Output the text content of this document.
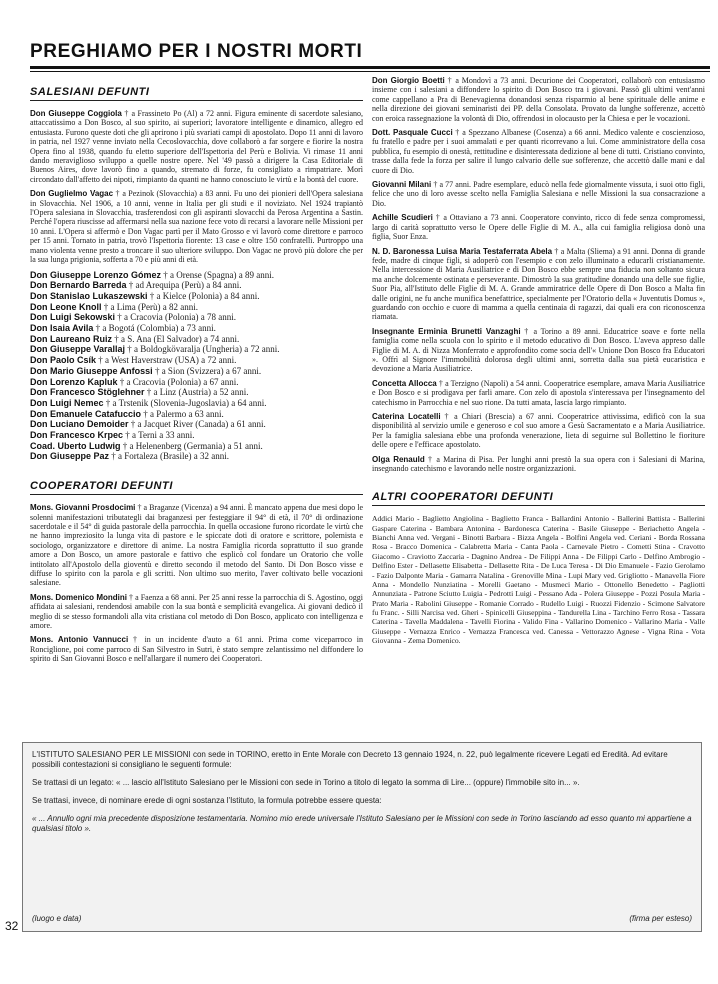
PREGHIAMO PER I NOSTRI MORTI
SALESIANI DEFUNTI

Don Giuseppe Coggiola † a Frassineto Po (Al) a 72 anni. Figura eminente di sacerdote salesiano, attaccatissimo a Don Bosco, al suo spirito, ai superiori; lavoratore intelligente e dinamico, allegro ed entusiasta. Furono queste doti che gli aprirono i più svariati campi di apostolato. Dopo 11 anni di lavoro in patria, nel 1927 venne inviato nella Cecoslovacchia, dove collaborò a far sorgere e fiorire la nostra Opera fino al 1938, quando fu eletto superiore dell'Ispettoria del Perù e Bolivia. Vi rimase 11 anni dando meraviglioso sviluppo a quelle nostre opere. Nel '49 passò a dirigere la Casa Editoriale di Buenos Aires, dove lavorò fino a quando, stremato di forze, fu consigliato a rimpatriare. Morì circondato dall'affetto dei nipoti, rimpianto da quanti ne hanno conosciuto le virtù e la bontà del cuore.

Don Guglielmo Vagac † a Pezinok (Slovacchia) a 83 anni. Fu uno dei pionieri dell'Opera salesiana in Slovacchia. Nel 1906, a 10 anni, venne in Italia per gli studi e il noviziato. Nel 1924 trapiantò l'Opera salesiana in Slovacchia, trasferendosi con gli aspiranti slovacchi da Perosa Argentina a Sastin. Perché l'opera riuscisse ad affermarsi nella sua nazione fece voto di recarsi a lavorare nelle Missioni per 10 anni. L'Opera si affermò e Don Vagac partì per il Mato Grosso e vi lavorò come direttore e parroco per 15 anni. Tornato in patria, trovò l'Ispettoria fiorente: 13 case e oltre 150 confratelli. Purtroppo una mano violenta venne presto a troncare il suo ulteriore sviluppo. Don Vagac ne provò più dolore che per la sua lunga prigionia, sofferta a 70 e più anni di età.

Don Giuseppe Lorenzo Gómez † a Orense (Spagna) a 89 anni.

Don Bernardo Barreda † ad Arequipa (Perù) a 84 anni.

Don Stanislao Lukaszewski † a Kielce (Polonia) a 84 anni.

Don Leone Knoll † a Lima (Perù) a 82 anni.

Don Luigi Sekowski † a Cracovia (Polonia) a 78 anni.

Don Isaia Avila † a Bogotá (Colombia) a 73 anni.

Don Laureano Ruiz † a S. Ana (El Salvador) a 74 anni.

Don Giuseppe Varallaj † a Boldogkövaralja (Ungheria) a 72 anni.

Don Paolo Csík † a West Haverstraw (USA) a 72 anni.

Don Mario Giuseppe Anfossi † a Sion (Svizzera) a 67 anni.

Don Lorenzo Kapluk † a Cracovia (Polonia) a 67 anni.

Don Francesco Stöglehner † a Linz (Austria) a 52 anni.

Don Luigi Nemec † a Trstenik (Slovenia-Jugoslavia) a 64 anni.

Don Emanuele Catafuccio † a Palermo a 63 anni.

Don Luciano Demoider † a Jacquet River (Canada) a 61 anni.

Don Francesco Krpec † a Terni a 33 anni.

Coad. Uberto Ludwig † a Helenenberg (Germania) a 51 anni.

Don Giuseppe Paz † a Fortaleza (Brasile) a 32 anni.

COOPERATORI DEFUNTI

Mons. Giovanni Prosdocimi † a Braganze (Vicenza) a 94 anni. È mancato appena due mesi dopo le solenni manifestazioni tributategli dai braganzesi per festeggiare il 94° di età, il 70° di ordinazione sacerdotale e il 54° di guida pastorale della parrocchia. In quella occasione furono ricordate le virtù che ne hanno impreziosito la lunga vita di pastore e le spiccate doti di oratore e scrittore, polemista e sociologo, organizzatore e direttore di anime. La nostra Famiglia ricorda soprattutto il suo grande amore a Don Bosco, un amore pastorale e fattivo che esplicò col fondare un Oratorio che volle intitolato all'Apostolo della gioventù e diretto secondo il metodo del Santo. Di Don Bosco visse e diffuse lo spirito con la parola e gli scritti. Non ultimo suo merito, l'aver coltivato belle vocazioni salesiane.

Mons. Domenico Mondini † a Faenza a 68 anni. Per 25 anni resse la parrocchia di S. Agostino, oggi affidata ai salesiani, rendendosi amabile con la sua bontà e semplicità evangelica. Ai giovani dedicò il meglio di se stesso formandoli alla vita cristiana col metodo di Don Bosco, applicato con intelligenza e amore.

Mons. Antonio Vannucci † in un incidente d'auto a 61 anni. Prima come viceparroco in Ronciglione, poi come parroco di San Silvestro in Sutri, è stato sempre zelantissimo nel diffondere lo spirito di San Giovanni Bosco e nell'allargare il numero dei Cooperatori.

Don Giorgio Boetti † a Mondovì a 73 anni. Decurione dei Cooperatori, collaborò con entusiasmo insieme con i salesiani a diffondere lo spirito di Don Bosco tra i giovani. Passò gli ultimi vent'anni come cappellano a Pra di Benevagienna donandosi senza risparmio al bene spirituale delle anime e nella direzione dei giovani seminaristi dei PP. della Consolata. Provato da lunghe sofferenze, accettò con eroica rassegnazione la volontà di Dio, offrendosi in olocausto per la Chiesa e per le vocazioni.

Dott. Pasquale Cucci † a Spezzano Albanese (Cosenza) a 66 anni. Medico valente e coscienzioso, fu fratello e padre per i suoi ammalati e per quanti ricorrevano a lui. Come amministratore della cosa pubblica, fu esempio di onestà, rettitudine e disinteressata dedizione al bene di tutti. Cristiano convinto, trasse dalla fede la forza per salire il lungo calvario delle sue sofferenze, che accettò dalle mani e dal cuore di Dio.

Giovanni Milani † a 77 anni. Padre esemplare, educò nella fede giornalmente vissuta, i suoi otto figli, felice che uno di loro avesse scelto nella Famiglia Salesiana e nelle Missioni la sua consacrazione a Dio.

Achille Scudieri † a Ottaviano a 73 anni. Cooperatore convinto, ricco di fede senza compromessi, largo di carità soprattutto verso le Opere delle Figlie di M. A., alla cui famiglia religiosa donò una figlia, Suor Enza.

N. D. Baronessa Luisa Maria Testaferrata Abela † a Malta (Sliema) a 91 anni. Donna di grande fede, madre di cinque figli, si adoperò con l'esempio e con zelo illuminato a educarli cristianamente. Nella intercessione di Maria Ausiliatrice e di Don Bosco ebbe sempre una fiducia non soltanto sicura ma anche dolcemente ostinata e perseverante. Dimostrò la sua gratitudine donando una delle sue figlie, Suor Pia, all'Istituto delle Figlie di M. A. Grande ammiratrice delle Opere di Don Bosco a Malta fin dalle origini, ne fu anche munifica benefattrice, specialmente per l'Oratorio della « Juventutis Domus », guardando con occhio e cuore di mamma a quella centinaia di ragazzi, dai quali era con riconoscenza riamata.

Insegnante Erminia Brunetti Vanzaghi † a Torino a 89 anni. Educatrice soave e forte nella famiglia come nella scuola con lo spirito e il metodo educativo di Don Bosco. L'aveva appreso dalle Figlie di M. A. di Nizza Monferrato e approfondito come socia dell'« Unione Don Bosco fra Educatori ». Offrì al Signore l'immobilità dolorosa degli ultimi anni, sorretta dalla sua pietà eucaristica e devozione a Maria Ausiliatrice.

Concetta Allocca † a Terzigno (Napoli) a 54 anni. Cooperatrice esemplare, amava Maria Ausiliatrice e Don Bosco e si prodigava per farli amare. Con zelo di apostola s'interessava per l'insegnamento del catechismo in Parrocchia e nel suo rione. Da tutti amata, lascia largo rimpianto.

Caterina Locatelli † a Chiari (Brescia) a 67 anni. Cooperatrice attivissima, edificò con la sua disponibilità al servizio umile e generoso e col suo amore a Gesù Sacramentato e a Maria Ausiliatrice. Per la famiglia salesiana ebbe una profonda venerazione, lieta di seguirne sul Bollettino le fioriture delle opere e l'efficace apostolato.

Olga Renauld † a Marina di Pisa. Per lunghi anni prestò la sua opera con i Salesiani di Marina, insegnando catechismo e lavorando nelle nostre organizzazioni.

ALTRI COOPERATORI DEFUNTI

Addici Mario - Baglietto Angiolina - Baglietto Franca - Ballardini Antonio - Ballerini Battista - Ballerini Gaspare Caterina - Bambara Antonina - Bardonesca Caterina - Basile Giuseppe - Beriachetto Angela - Bianchi Anna ved. Vergani - Binotti Barbara - Bizza Angela - Bolfini Angela ved. Ceriani - Borda Rossana Rosa - Bracco Domenica - Calabretta Maria - Canta Paola - Carnevale Pietro - Cometti Stina - Cravotto Giacomo - Craviotto Zaccaria - Dagnino Andrea - De Filippi Anna - De Filippi Carlo - Delfino Ambrogio - Delfino Ester - Dellasette Elisabetta - Dellasette Rita - De Luca Teresa - Di Dio Emanuele - Fazio Gerolamo - Fazio Dalponte Maria - Gamarra Natalina - Grenoville Mina - Lupi Mary ved. Grigliotto - Manavella Fiore Anna - Mondello Nunziatina - Morelli Gaetano - Musmeci Mario - Ottonello Benedetto - Pagliotti Annunziata - Patrone Sciutto Luigia - Pedrotti Luigi - Pessano Ada - Polera Giuseppe - Pozzi Posula Maria - Prato Maria - Rabolini Giuseppe - Romanie Corrado - Rudello Luigi - Ruozzi Fidenzio - Scimone Salvatore fu Franc. - Silli Narcisa ved. Gheri - Spinicelli Giuseppina - Tandurella Lina - Tarchino Ferro Rosa - Tassara Caterina - Tavella Maddalena - Tavelli Fiorina - Valido Fina - Vallarino Domenico - Vallarino Maria - Valle Giuseppe - Vernazza Enrico - Vernazza Francesca ved. Canessa - Vettorazzo Agnese - Vigna Rina - Vota Giovanna - Zema Domenico.

L'ISTITUTO SALESIANO PER LE MISSIONI con sede in TORINO, eretto in Ente Morale con Decreto 13 gennaio 1924, n. 22, può legalmente ricevere Legati ed Eredità. Ad evitare possibili contestazioni si consigliano le seguenti formule:

Se trattasi di un legato: « ... lascio all'Istituto Salesiano per le Missioni con sede in Torino a titolo di legato la somma di Lire... (oppure) l'immobile sito in... ».

Se trattasi, invece, di nominare erede di ogni sostanza l'Istituto, la formula potrebbe essere questa:

« ... Annullo ogni mia precedente disposizione testamentaria. Nomino mio erede universale l'Istituto Salesiano per le Missioni con sede in Torino lasciando ad esso quanto mi appartiene a qualsiasi titolo ».

(luogo e data)	(firma per esteso)
32
